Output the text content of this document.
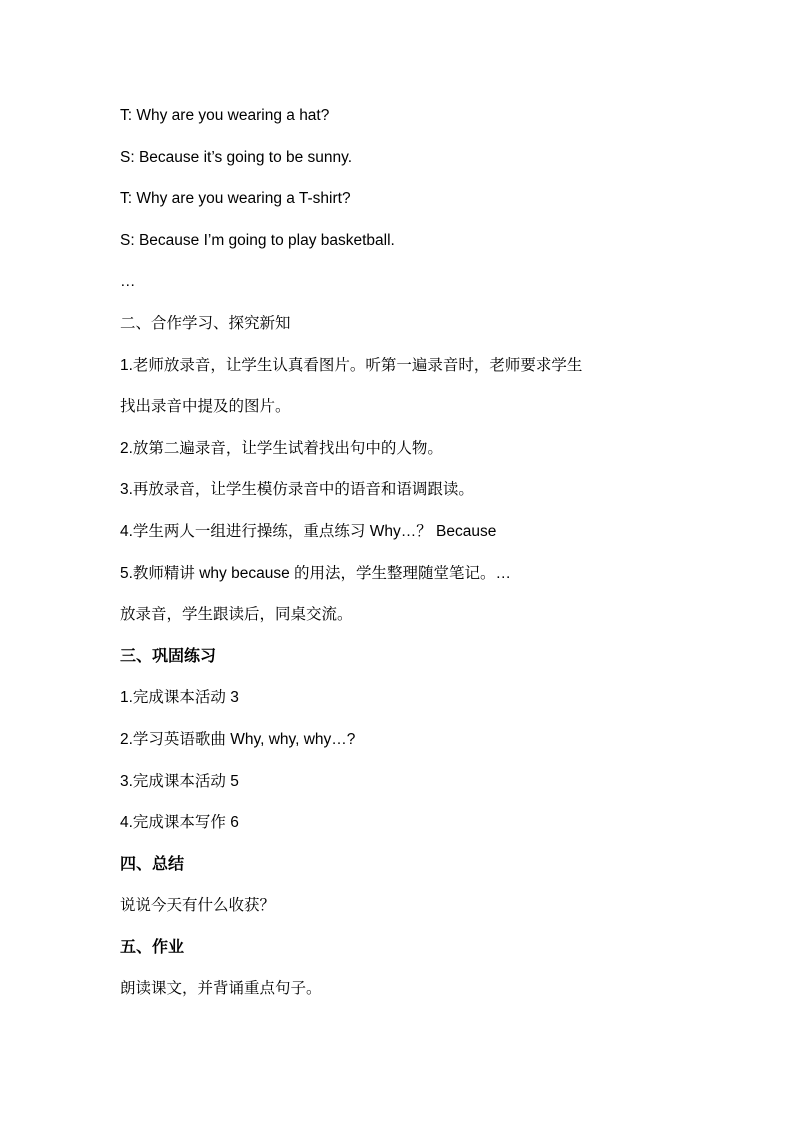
T: Why are you wearing a hat?
S: Because it’s going to be sunny.
T: Why are you wearing a T-shirt?
S: Because I’m going to play basketball.
…
二、合作学习、探究新知
1.老师放录音，让学生认真看图片。听第一遍录音时，老师要求学生
找出录音中提及的图片。
2.放第二遍录音，让学生试着找出句中的人物。
3.再放录音，让学生模仿录音中的语音和语调跟读。
4.学生两人一组进行操练，重点练习 Why…？ Because
5.教师精讲 why because 的用法，学生整理随堂笔记。…
放录音，学生跟读后，同桌交流。
三、巩固练习
1.完成课本活动 3
2.学习英语歌曲 Why, why, why…?
3.完成课本活动 5
4.完成课本写作 6
四、总结
说说今天有什么收获？
五、作业
朗读课文，并背诵重点句子。
